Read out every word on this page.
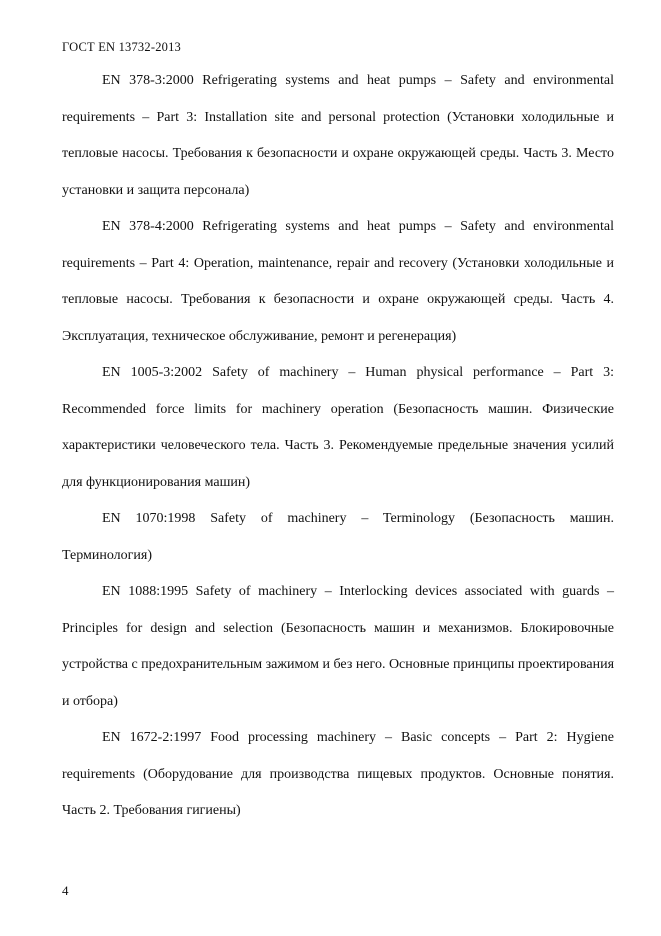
ГОСТ EN 13732-2013

EN 378-3:2000 Refrigerating systems and heat pumps – Safety and environmental requirements – Part 3: Installation site and personal protection (Установки холодильные и тепловые насосы. Требования к безопасности и охране окружающей среды. Часть 3. Место установки и защита персонала)

EN 378-4:2000 Refrigerating systems and heat pumps – Safety and environmental requirements – Part 4: Operation, maintenance, repair and recovery (Установки холодильные и тепловые насосы. Требования к безопасности и охране окружающей среды. Часть 4. Эксплуатация, техническое обслуживание, ремонт и регенерация)

EN 1005-3:2002 Safety of machinery – Human physical performance – Part 3: Recommended force limits for machinery operation (Безопасность машин. Физические характеристики человеческого тела. Часть 3. Рекомендуемые предельные значения усилий для функционирования машин)

EN 1070:1998 Safety of machinery – Terminology (Безопасность машин. Терминология)

EN 1088:1995 Safety of machinery – Interlocking devices associated with guards – Principles for design and selection (Безопасность машин и механизмов. Блокировочные устройства с предохранительным зажимом и без него. Основные принципы проектирования и отбора)

EN 1672-2:1997 Food processing machinery – Basic concepts – Part 2: Hygiene requirements (Оборудование для производства пищевых продуктов. Основные понятия. Часть 2. Требования гигиены)

4
